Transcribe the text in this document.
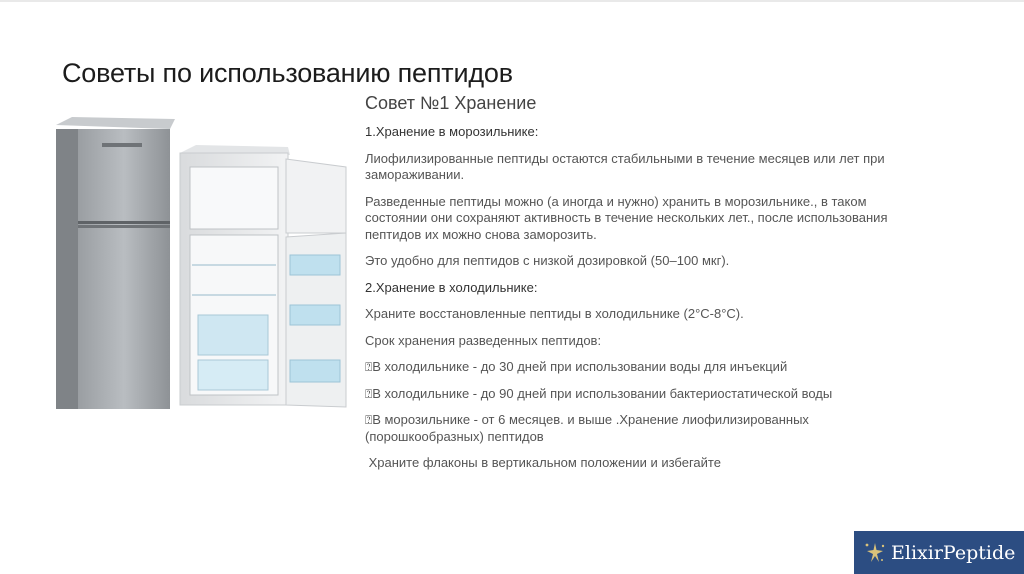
Советы по использованию пептидов
Совет №1 Хранение

1.Хранение в морозильнике:

Лиофилизированные пептиды остаются стабильными в течение месяцев или лет при замораживании.

Разведенные пептиды можно (а иногда и нужно) хранить в морозильнике., в таком состоянии они сохраняют активность в течение нескольких лет., после использования пептидов их можно снова заморозить.

Это удобно для пептидов с низкой дозировкой (50–100 мкг).

2.Хранение в холодильнике:

Храните восстановленные пептиды в холодильнике (2°C-8°C).

Срок хранения разведенных пептидов:

⍰В холодильнике - до 30 дней при использовании воды для инъекций

⍰В холодильнике - до 90 дней при использовании бактериостатической воды

⍰В морозильнике - от 6 месяцев. и выше .Хранение лиофилизированных (порошкообразных) пептидов

Храните флаконы в вертикальном положении и избегайте

ElixirPeptide
